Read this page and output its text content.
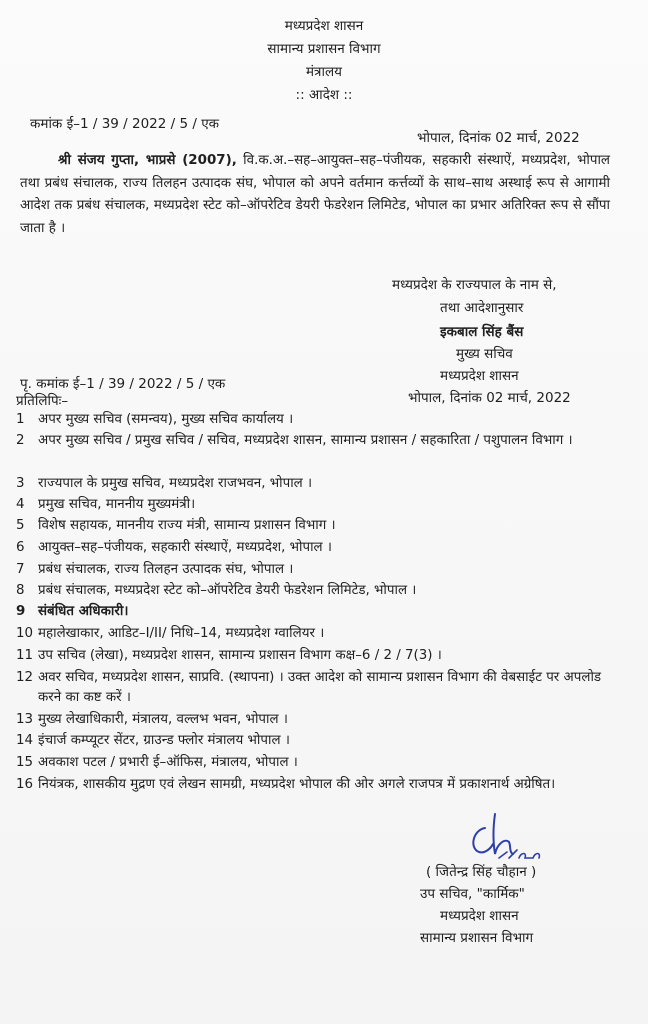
मध्यप्रदेश शासन
सामान्य प्रशासन विभाग
मंत्रालय
:: आदेश ::
कमांक ई–1 / 39 / 2022 / 5 / एक
भोपाल, दिनांक 02 मार्च, 2022
श्री संजय गुप्ता, भाप्रसे (2007), वि.क.अ.–सह–आयुक्त–सह–पंजीयक, सहकारी संस्थाऐं, मध्यप्रदेश, भोपाल तथा प्रबंध संचालक, राज्य तिलहन उत्पादक संघ, भोपाल को अपने वर्तमान कर्त्तव्यों के साथ–साथ अस्थाई रूप से आगामी आदेश तक प्रबंध संचालक, मध्यप्रदेश स्टेट को–ऑपरेटिव डेयरी फेडरेशन लिमिटेड, भोपाल का प्रभार अतिरिक्त रूप से सौंपा जाता है ।
मध्यप्रदेश के राज्यपाल के नाम से,
तथा आदेशानुसार
इकबाल सिंह बैंस
मुख्य सचिव
मध्यप्रदेश शासन
पृ. कमांक ई–1 / 39 / 2022 / 5 / एक
भोपाल, दिनांक 02 मार्च, 2022
प्रतिलिपिः–
1	अपर मुख्य सचिव (समन्वय), मुख्य सचिव कार्यालय ।
2	अपर मुख्य सचिव / प्रमुख सचिव / सचिव, मध्यप्रदेश शासन, सामान्य प्रशासन / सहकारिता / पशुपालन विभाग ।
3	राज्यपाल के प्रमुख सचिव, मध्यप्रदेश राजभवन, भोपाल ।
4	प्रमुख सचिव, माननीय मुख्यमंत्री।
5	विशेष सहायक, माननीय राज्य मंत्री, सामान्य प्रशासन विभाग ।
6	आयुक्त–सह–पंजीयक, सहकारी संस्थाऐं, मध्यप्रदेश, भोपाल ।
7	प्रबंध संचालक, राज्य तिलहन उत्पादक संघ, भोपाल ।
8	प्रबंध संचालक, मध्यप्रदेश स्टेट को–ऑपरेटिव डेयरी फेडरेशन लिमिटेड, भोपाल ।
9 संबंधित अधिकारी।
10 महालेखाकार, आडिट–I/II/ निधि–14, मध्यप्रदेश ग्वालियर ।
11 उप सचिव (लेखा), मध्यप्रदेश शासन, सामान्य प्रशासन विभाग कक्ष–6 / 2 / 7(3) ।
12 अवर सचिव, मध्यप्रदेश शासन, साप्रवि. (स्थापना) । उक्त आदेश को सामान्य प्रशासन विभाग की वेबसाईट पर अपलोड करने का कष्ट करें ।
13 मुख्य लेखाधिकारी, मंत्रालय, वल्लभ भवन, भोपाल ।
14 इंचार्ज कम्प्यूटर सेंटर, ग्राउन्ड फ्लोर मंत्रालय भोपाल ।
15 अवकाश पटल / प्रभारी ई–ऑफिस, मंत्रालय, भोपाल ।
16 नियंत्रक, शासकीय मुद्रण एवं लेखन सामग्री, मध्यप्रदेश भोपाल की ओर अगले राजपत्र में प्रकाशनार्थ अग्रेषित।
( जितेन्द्र सिंह चौहान )
उप सचिव, "कार्मिक"
मध्यप्रदेश शासन
सामान्य प्रशासन विभाग
